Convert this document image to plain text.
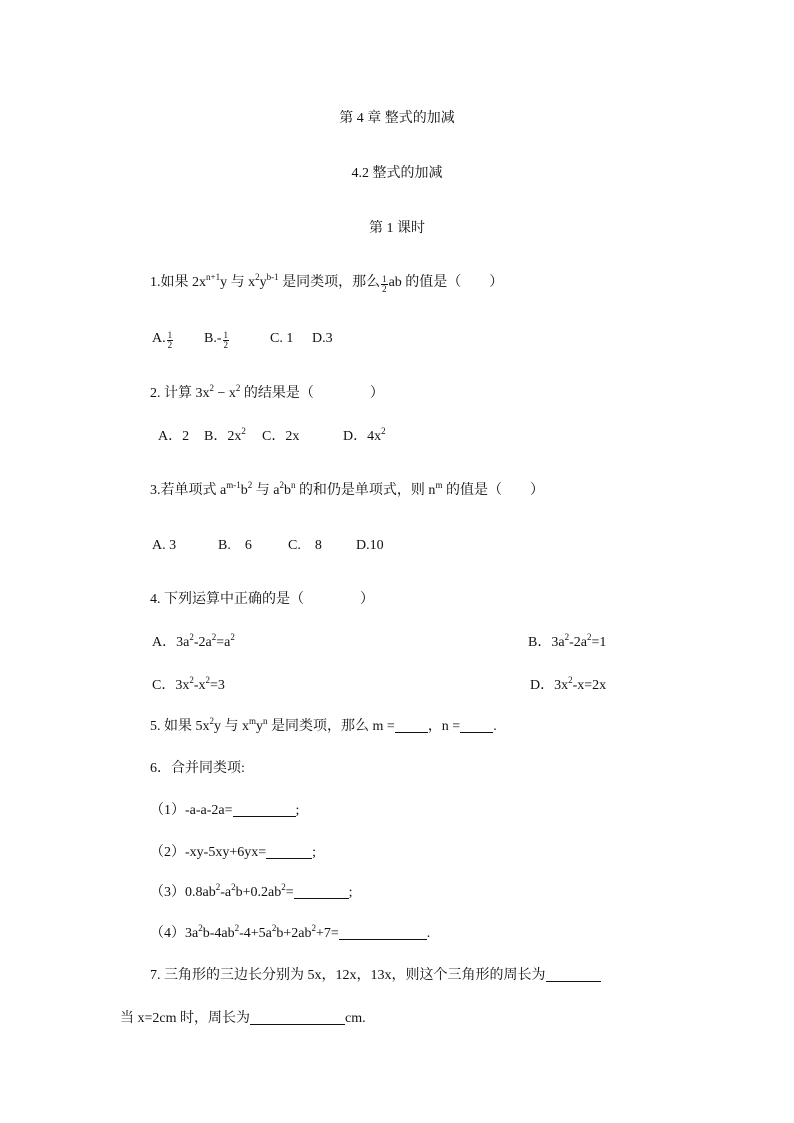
第 4 章 整式的加减
4.2 整式的加减
第 1 课时
1.如果 $2x^{n+1}y$ 与 $x^2y^{b-1}$ 是同类项，那么 $\frac{1}{2}$ ab 的值是（　　）
A. $\frac{1}{2} B.- \frac{1}{2}$	C. 1 D.3
2. 计算 $3x^2 - x^2$ 的结果是（　　　　）
A．2 B．$2x^2$ C．2x	D．$4x^2$
3.若单项式 $a^{m-1}b^2$ 与 $a^2b^n$ 的和仍是单项式，则 $n^m$ 的值是（　　）
A. 3	B.　6	C.　8 D.10
4. 下列运算中正确的是（　　　　）
A．$3a^2-2a^2=a^2$	B．$3a^2-2a^2=1$
C．$3x^2-x^2=3$	D．$3x^2-x=2x$
5. 如果 $5x^2y$ 与 $x^my^n$ 是同类项，那么 m = ，n = .
6．合并同类项:
（1）-a-a-2a=	;
（2）-xy-5xy+6yx=	;
$(3)0.8ab^2-a^2b+0.2ab^2=$	;
$(4)3a^2b-4ab^2-4+5a^2b+2ab^2+7=$	.
7. 三角形的三边长分别为 5x，12x，13x，则这个三角形的周长为
当 x=2cm 时，周长为	cm.
